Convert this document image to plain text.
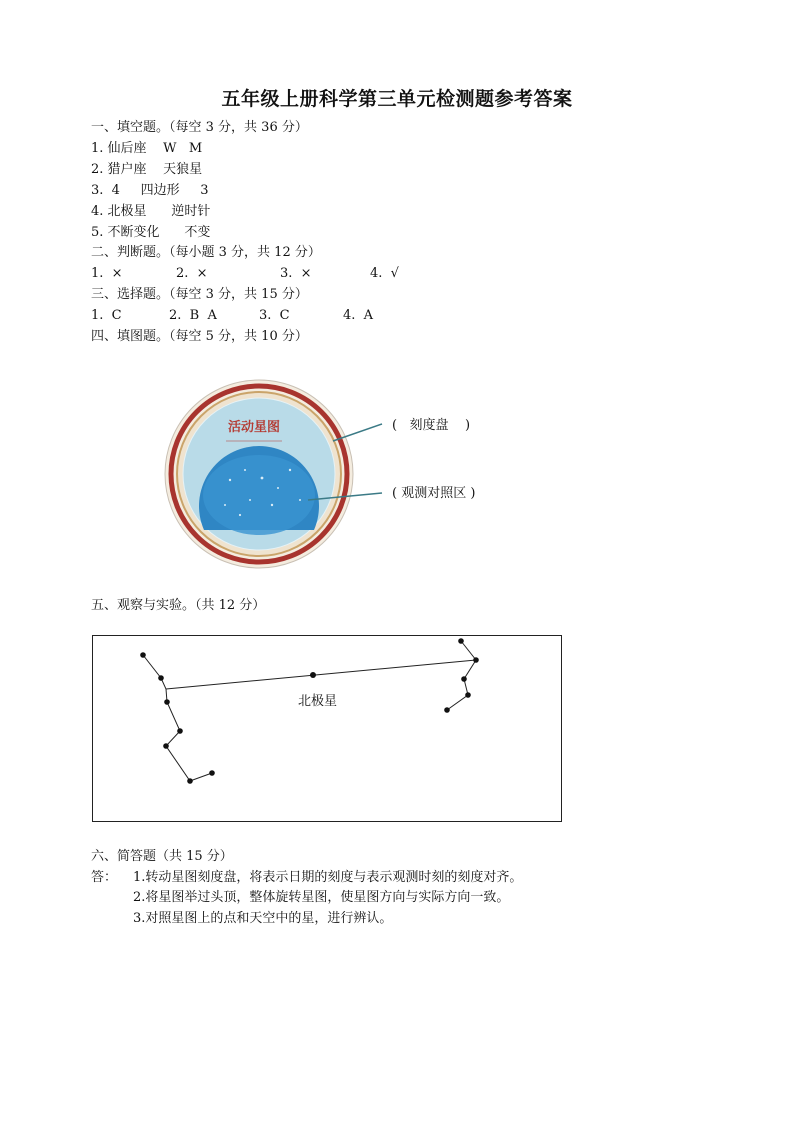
五年级上册科学第三单元检测题参考答案
一、填空题。（每空 3 分，共 36 分）
1. 仙后座    W   M
2. 猎户座    天狼星
3.  4     四边形     3
4. 北极星      逆时针
5. 不断变化      不变
二、判断题。（每小题 3 分，共 12 分）
1.  ×	2.  ×	3.  ×	4.  √
三、选择题。（每空 3 分，共 15 分）
1.  C	2.  B  A	3.  C	4.  A
四、填图题。（每空 5 分，共 10 分）
活动星图	(   刻度盘    )
( 观测对照区 )
五、观察与实验。（共 12 分）
北极星
六、简答题（共 15 分）
答： 1.转动星图刻度盘，将表示日期的刻度与表示观测时刻的刻度对齐。
2.将星图举过头顶，整体旋转星图，使星图方向与实际方向一致。
3.对照星图上的点和天空中的星，进行辨认。
